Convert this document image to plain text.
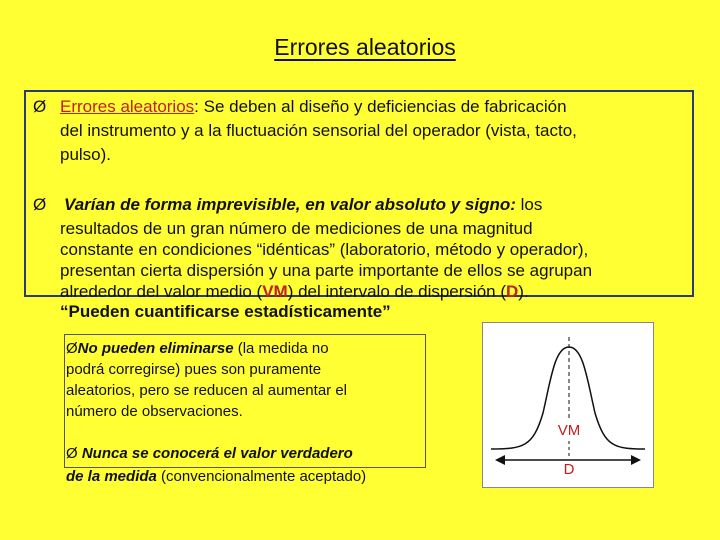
Errores aleatorios
Ø Errores aleatorios: Se deben al diseño y deficiencias de fabricación
del instrumento y a la fluctuación sensorial del operador (vista, tacto,
pulso).
Ø Varían de forma imprevisible, en valor absoluto y signo: los
resultados de un gran número de mediciones de una magnitud
constante en condiciones “idénticas” (laboratorio, método y operador),
presentan cierta dispersión y una parte importante de ellos se agrupan
alrededor del valor medio (VM) del intervalo de dispersión (D).
“Pueden cuantificarse estadísticamente”
ØNo pueden eliminarse (la medida no
podrá corregirse) pues son puramente
aleatorios, pero se reducen al aumentar el
número de observaciones.
Ø Nunca se conocerá el valor verdadero
de la medida (convencionalmente aceptado)
VM
D
